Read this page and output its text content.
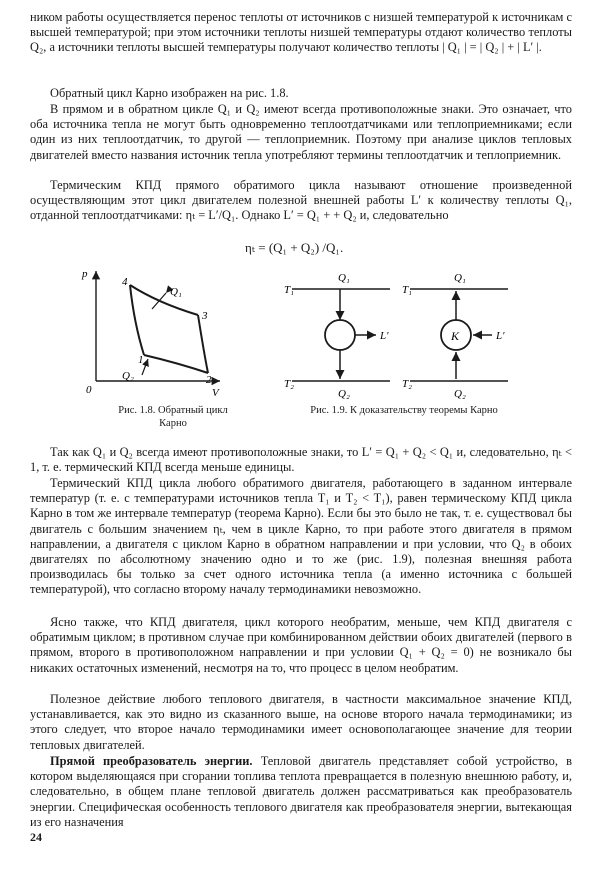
ником работы осуществляется перенос теплоты от источников с низшей температурой к источникам с высшей температурой; при этом источники теплоты низшей температуры отдают количество теплоты Q₂, а источники теплоты высшей температуры получают количество теплоты | Q₁ | = | Q₂ | + | L′ |.

Обратный цикл Карно изображен на рис. 1.8.

В прямом и в обратном цикле Q₁ и Q₂ имеют всегда противоположные знаки. Это означает, что оба источника тепла не могут быть одновременно теплоотдатчиками или теплоприемниками; если один из них теплоотдатчик, то другой — теплоприемник. Поэтому при анализе циклов тепловых двигателей вместо названия источник тепла употребляют термины теплоотдатчик и теплоприемник.

Термическим КПД прямого обратимого цикла называют отношение произведенной осуществляющим этот цикл двигателем полезной внешней работы L′ к количеству теплоты Q₁, отданной теплоотдатчиками: ηₜ = L′/Q₁. Однако L′ = Q₁ + + Q₂ и, следовательно

ηₜ = (Q₁ + Q₂) /Q₁.
p
V
0
Q₁
Q₂
1
2
3
4
Рис. 1.8. Обратный цикл Карно
T₁
T₂
Q₁
Q₂
L′	K
T₁
T₂
Q₁
Q₂
L′
Рис. 1.9. К доказательству теоремы Карно

Так как Q₁ и Q₂ всегда имеют противоположные знаки, то L′ = Q₁ + Q₂ < Q₁ и, следовательно, ηₜ < 1, т. е. термический КПД всегда меньше единицы.

Термический КПД цикла любого обратимого двигателя, работающего в заданном интервале температур (т. е. с температурами источников тепла T₁ и T₂ < T₁), равен термическому КПД цикла Карно в том же интервале температур (теорема Карно). Если бы это было не так, т. е. существовал бы двигатель с большим значением ηₜ, чем в цикле Карно, то при работе этого двигателя в прямом направлении, а двигателя с циклом Карно в обратном направлении и при условии, что Q₂ в обоих двигателях по абсолютному значению одно и то же (рис. 1.9), полезная внешняя работа производилась бы только за счет одного источника тепла (а именно источника с большей температурой), что согласно второму началу термодинамики невозможно.

Ясно также, что КПД двигателя, цикл которого необратим, меньше, чем КПД двигателя с обратимым циклом; в противном случае при комбинированном действии обоих двигателей (первого в прямом, второго в противоположном направлении и при условии Q₁ + Q₂ = 0) не возникало бы никаких остаточных изменений, несмотря на то, что процесс в целом необратим.

Полезное действие любого теплового двигателя, в частности максимальное значение КПД, устанавливается, как это видно из сказанного выше, на основе второго начала термодинамики; из этого следует, что второе начало термодинамики имеет основополагающее значение для теории тепловых двигателей.

Прямой преобразователь энергии. Тепловой двигатель представляет собой устройство, в котором выделяющаяся при сгорании топлива теплота превращается в полезную внешнюю работу, и, следовательно, в общем плане тепловой двигатель должен рассматриваться как преобразователь энергии. Специфическая особенность теплового двигателя как преобразователя энергии, вытекающая из его назначения

24
